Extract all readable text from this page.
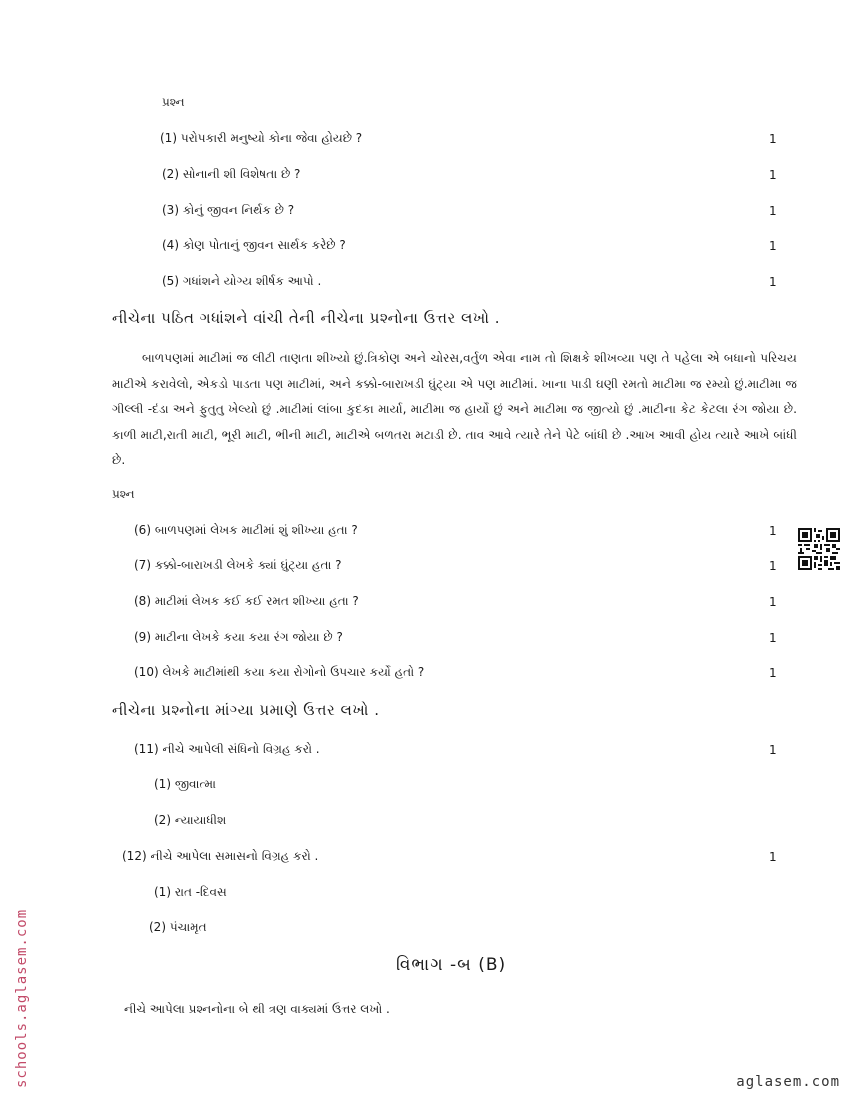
પ્રશ્ન
(1) પરોપકારી મનુષ્યો કોના જેવા હોયછે ?	1
(2) સોનાની શી વિશેષતા છે ?	1
(3) કોનું જીવન નિર્થક છે ?	1
(4) કોણ પોતાનું જીવન સાર્થક કરેછે ?	1
(5) ગધાંશને યોગ્ય શીર્ષક આપો .	1
નીચેના પઠિત ગધાંશને વાંચી તેની નીચેના પ્રશ્નોના ઉત્તર લખો .
બાળપણમાં માટીમાં જ લીટી તાણતા શીખ્યો છું.ત્રિકોણ અને ચોરસ,વર્તુળ એવા નામ તો શિક્ષકે શીખવ્યા પણ તે પહેલા એ બધાનો પરિચય માટીએ કરાવેલો, એકડો પાડતા પણ માટીમાં, અને કક્કો-બારાખડી ઘુંટ્યા એ પણ માટીમાં. ખાના પાડી ઘણી રમતો માટીમા જ રમ્યો છું.માટીમા જ ગીલ્લી -દંડા અને ફુતુતુ ખેલ્યો છું .માટીમાં લાંબા કુદકા માર્યા, માટીમા જ હાર્યો છું અને માટીમા જ જીત્યો છું .માટીના કેટ કેટલા રંગ જોયા છે. કાળી માટી,રાતી માટી, ભૂરી માટી, ભીની માટી, માટીએ બળતરા મટાડી છે. તાવ આવે ત્યારે તેને પેટે બાંધી છે .આખ આવી હોય ત્યારે આખે બાંધી છે.
પ્રશ્ન
(6) બાળપણમાં લેખક માટીમાં શું શીખ્યા હતા ?	1
(7) કક્કો-બારાખડી લેખકે ક્યાં ઘુંટ્યા હતા ?	1
(8) માટીમાં લેખક કઈ કઈ રમત શીખ્યા હતા ?	1
(9) માટીના લેખકે કયા કયા રંગ જોયા છે ?	1
(10) લેખકે માટીમાંથી કયા કયા રોગોનો ઉપચાર કર્યો હતો ?	1
નીચેના પ્રશ્નોના માંગ્યા પ્રમાણે ઉત્તર લખો .
(11) નીચે આપેલી સંધિનો વિગ્રહ કરો .	1
(1) જીવાત્મા
(2) ન્યાયાધીશ
(12) નીચે આપેલા સમાસનો વિગ્રહ કરો .	1
(1) રાત -દિવસ
(2) પંચામૃત
વિભાગ -બ (B)
નીચે આપેલા પ્રશ્નનોના બે થી ત્રણ વાક્યમાં ઉત્તર લખો .
schools.aglasem.com	aglasem.com
